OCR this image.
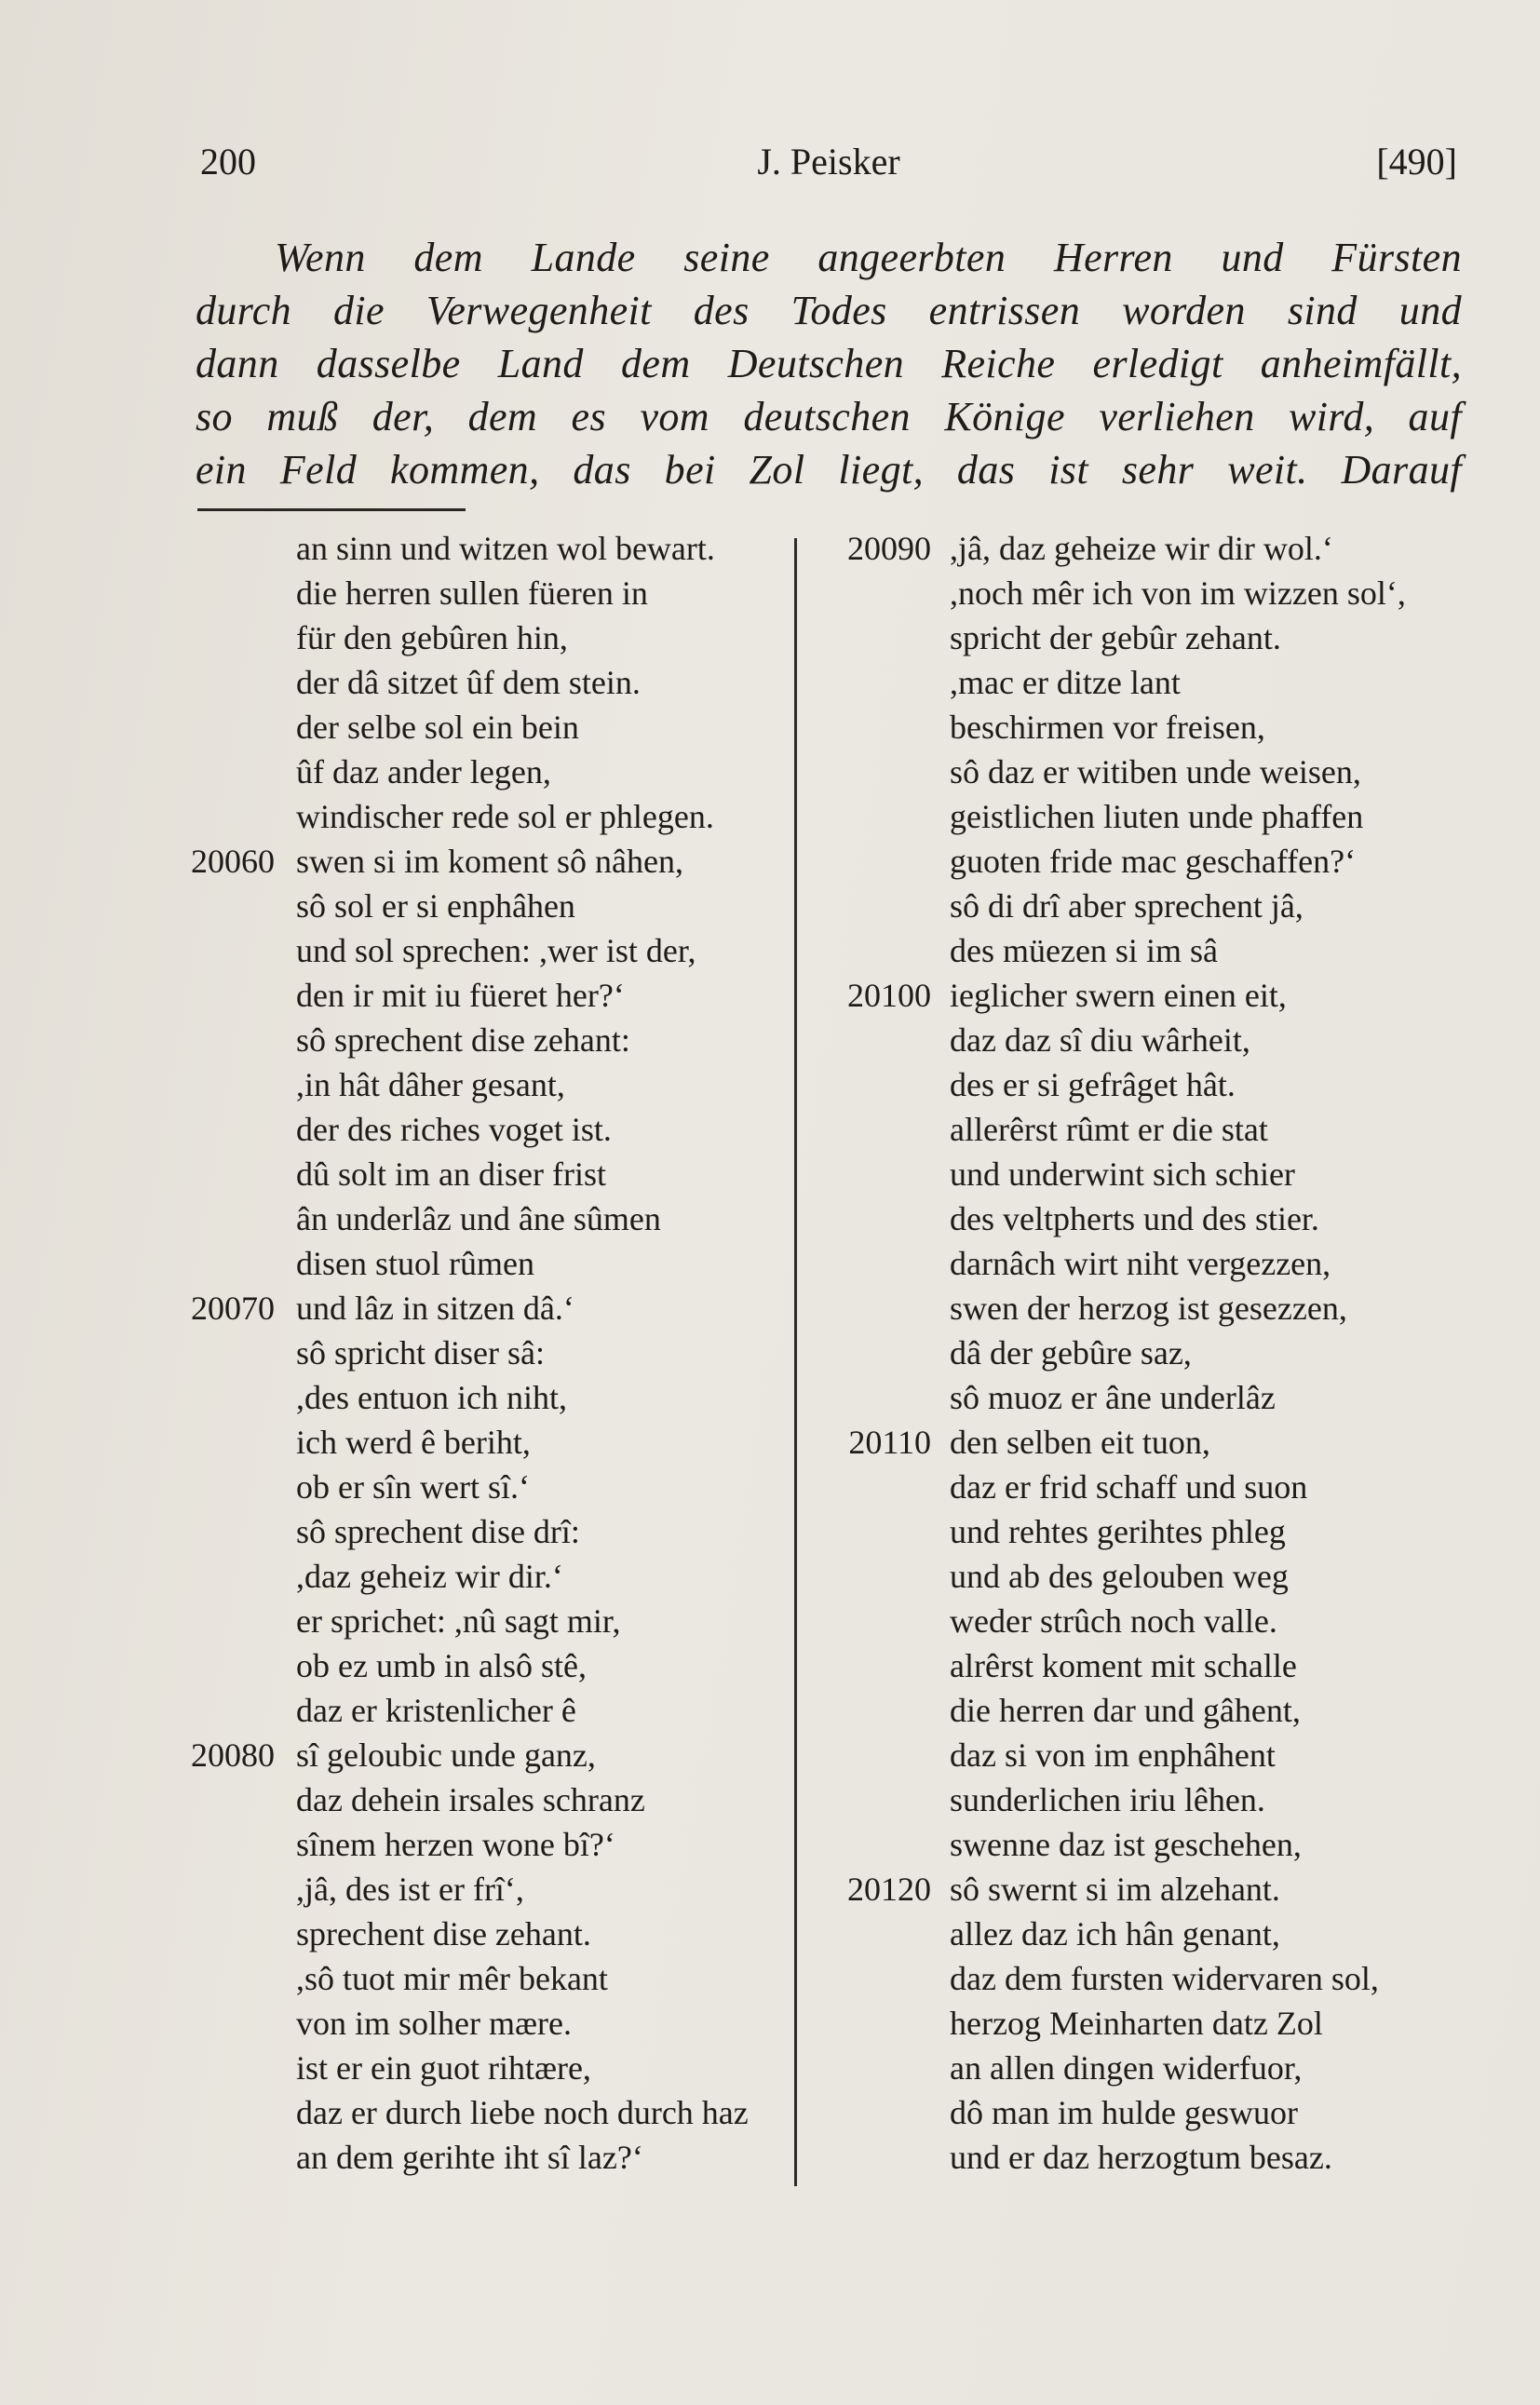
200	J. Peisker	[490]
Wenn dem Lande seine angeerbten Herren und Fürsten
durch die Verwegenheit des Todes entrissen worden sind und
dann dasselbe Land dem Deutschen Reiche erledigt anheimfällt,
so muß der, dem es vom deutschen Könige verliehen wird, auf
ein Feld kommen, das bei Zol liegt, das ist sehr weit. Darauf
an sinn und witzen wol bewart.
die herren sullen füeren in
für den gebûren hin,
der dâ sitzet ûf dem stein.
der selbe sol ein bein
ûf daz ander legen,
windischer rede sol er phlegen.
20060 swen si im koment sô nâhen,
sô sol er si enphâhen
und sol sprechen: ,wer ist der,
den ir mit iu füeret her?‘
sô sprechent dise zehant:
,in hât dâher gesant,
der des riches voget ist.
dû solt im an diser frist
ân underlâz und âne sûmen
disen stuol rûmen
20070 und lâz in sitzen dâ.‘
sô spricht diser sâ:
,des entuon ich niht,
ich werd ê beriht,
ob er sîn wert sî.‘
sô sprechent dise drî:
,daz geheiz wir dir.‘
er sprichet: ,nû sagt mir,
ob ez umb in alsô stê,
daz er kristenlicher ê
20080 sî geloubic unde ganz,
daz dehein irsales schranz
sînem herzen wone bî?‘
,jâ, des ist er frî‘,
sprechent dise zehant.
,sô tuot mir mêr bekant
von im solher mære.
ist er ein guot rihtære,
daz er durch liebe noch durch haz
an dem gerihte iht sî laz?‘
20090 ,jâ, daz geheize wir dir wol.‘
,noch mêr ich von im wizzen sol‘,
spricht der gebûr zehant.
,mac er ditze lant
beschirmen vor freisen,
sô daz er witiben unde weisen,
geistlichen liuten unde phaffen
guoten fride mac geschaffen?‘
sô di drî aber sprechent jâ,
des müezen si im sâ
20100 ieglicher swern einen eit,
daz daz sî diu wârheit,
des er si gefrâget hât.
allerêrst rûmt er die stat
und underwint sich schier
des veltpherts und des stier.
darnâch wirt niht vergezzen,
swen der herzog ist gesezzen,
dâ der gebûre saz,
sô muoz er âne underlâz
20110 den selben eit tuon,
daz er frid schaff und suon
und rehtes gerihtes phleg
und ab des gelouben weg
weder strûch noch valle.
alrêrst koment mit schalle
die herren dar und gâhent,
daz si von im enphâhent
sunderlichen iriu lêhen.
swenne daz ist geschehen,
20120 sô swernt si im alzehant.
allez daz ich hân genant,
daz dem fursten widervaren sol,
herzog Meinharten datz Zol
an allen dingen widerfuor,
dô man im hulde geswuor
und er daz herzogtum besaz.
